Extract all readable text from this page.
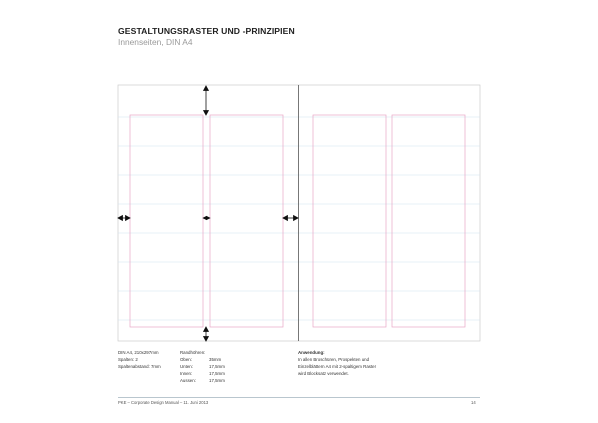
GESTALTUNGSRASTER UND -PRINZIPIEN
Innenseiten, DIN A4
DIN A4, 210x297mm
Spalten: 2
Spaltenabstand: 7mm
Randhöhren:
Oben:	35mm
Unten:	17,5mm
Innen:	17,5mm
Aussen:	17,5mm
Anwendung:
In allen Broschüren, Prospekten und
Einzelblättern A4 mit 2-spaltigem Raster
wird Blocksatz verwendet.
PKE – Corporate Design Manual – 11. Juni 2013	14
